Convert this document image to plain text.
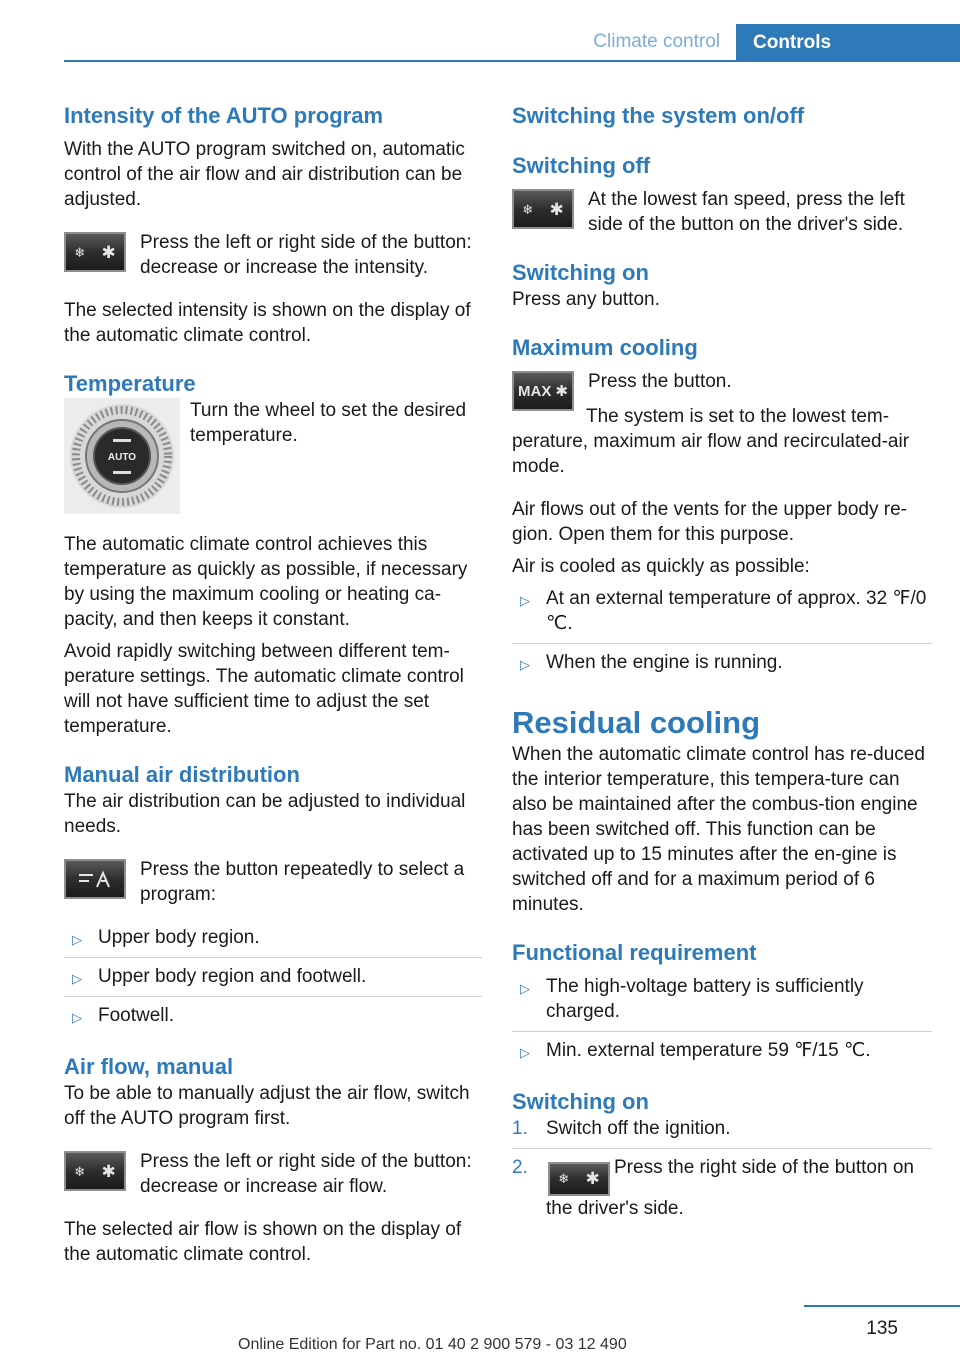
Climate control	Controls
Intensity of the AUTO program

With the AUTO program switched on, automatic control of the air flow and air distribution can be adjusted.

❄ ✱ Press the left or right side of the button: decrease or increase the intensity.

The selected intensity is shown on the display of the automatic climate control.

Temperature
AUTO
Turn the wheel to set the desired temperature.

The automatic climate control achieves this temperature as quickly as possible, if necessary by using the maximum cooling or heating ca-pacity, and then keeps it constant.

Avoid rapidly switching between different tem-perature settings. The automatic climate control will not have sufficient time to adjust the set temperature.

Manual air distribution

The air distribution can be adjusted to individual needs.

Press the button repeatedly to select a program:
▷ Upper body region.
▷ Upper body region and footwell.
▷ Footwell.
Air flow, manual

To be able to manually adjust the air flow, switch off the AUTO program first.

❄ ✱ Press the left or right side of the button: decrease or increase air flow.

The selected air flow is shown on the display of the automatic climate control.

Switching the system on/off
Switching off
❄ ✱ At the lowest fan speed, press the left side of the button on the driver's side.
Switching on

Press any button.

Maximum cooling
MAX ✱ Press the button.

The system is set to the lowest tem-perature, maximum air flow and recirculated-air mode.

Air flows out of the vents for the upper body re-gion. Open them for this purpose.

Air is cooled as quickly as possible:

▷ At an external temperature of approx. 32 ℉/0 ℃.
▷ When the engine is running.
Residual cooling

When the automatic climate control has re-duced the interior temperature, this tempera-ture can also be maintained after the combus-tion engine has been switched off. This function can be activated up to 15 minutes after the en-gine is switched off and for a maximum period of 6 minutes.

Functional requirement
▷ The high-voltage battery is sufficiently charged.
▷ Min. external temperature 59 ℉/15 ℃.
Switching on
1. Switch off the ignition.
2.
❄ ✱
Press the right side of the button on the driver's side.
135
Online Edition for Part no. 01 40 2 900 579 - 03 12 490
